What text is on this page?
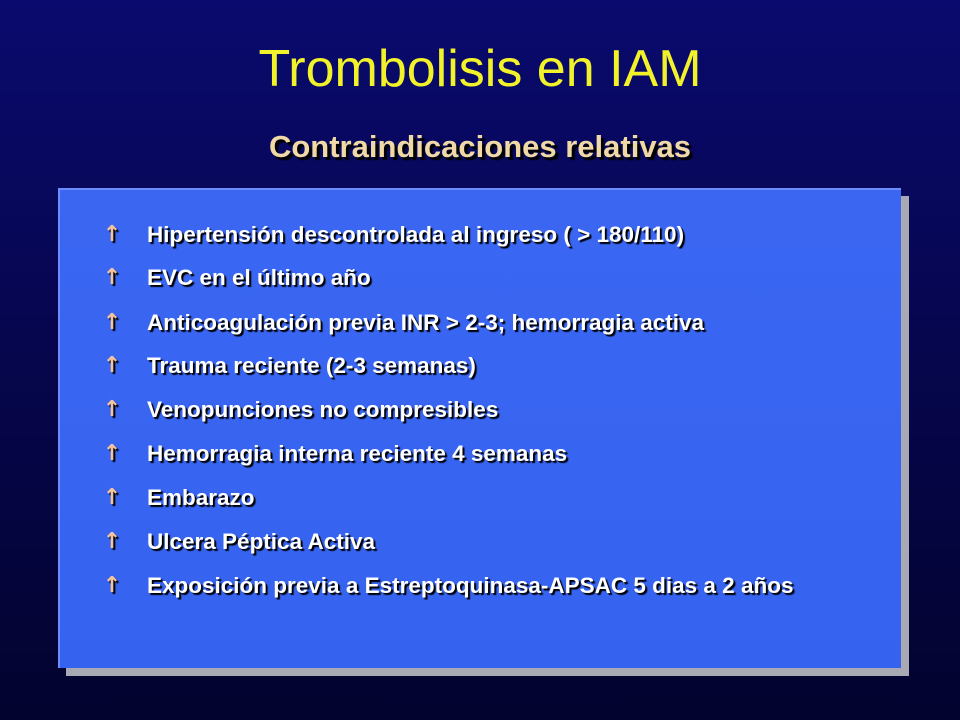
Trombolisis en IAM
Contraindicaciones relativas
↑ Hipertensión descontrolada al ingreso ( > 180/110)
↑ EVC en el último año
↑ Anticoagulación previa INR > 2-3; hemorragia activa
↑ Trauma reciente (2-3 semanas)
↑ Venopunciones no compresibles
↑ Hemorragia interna reciente 4 semanas
↑ Embarazo
↑ Ulcera Péptica Activa
↑ Exposición previa a Estreptoquinasa-APSAC 5 dias a 2 años
